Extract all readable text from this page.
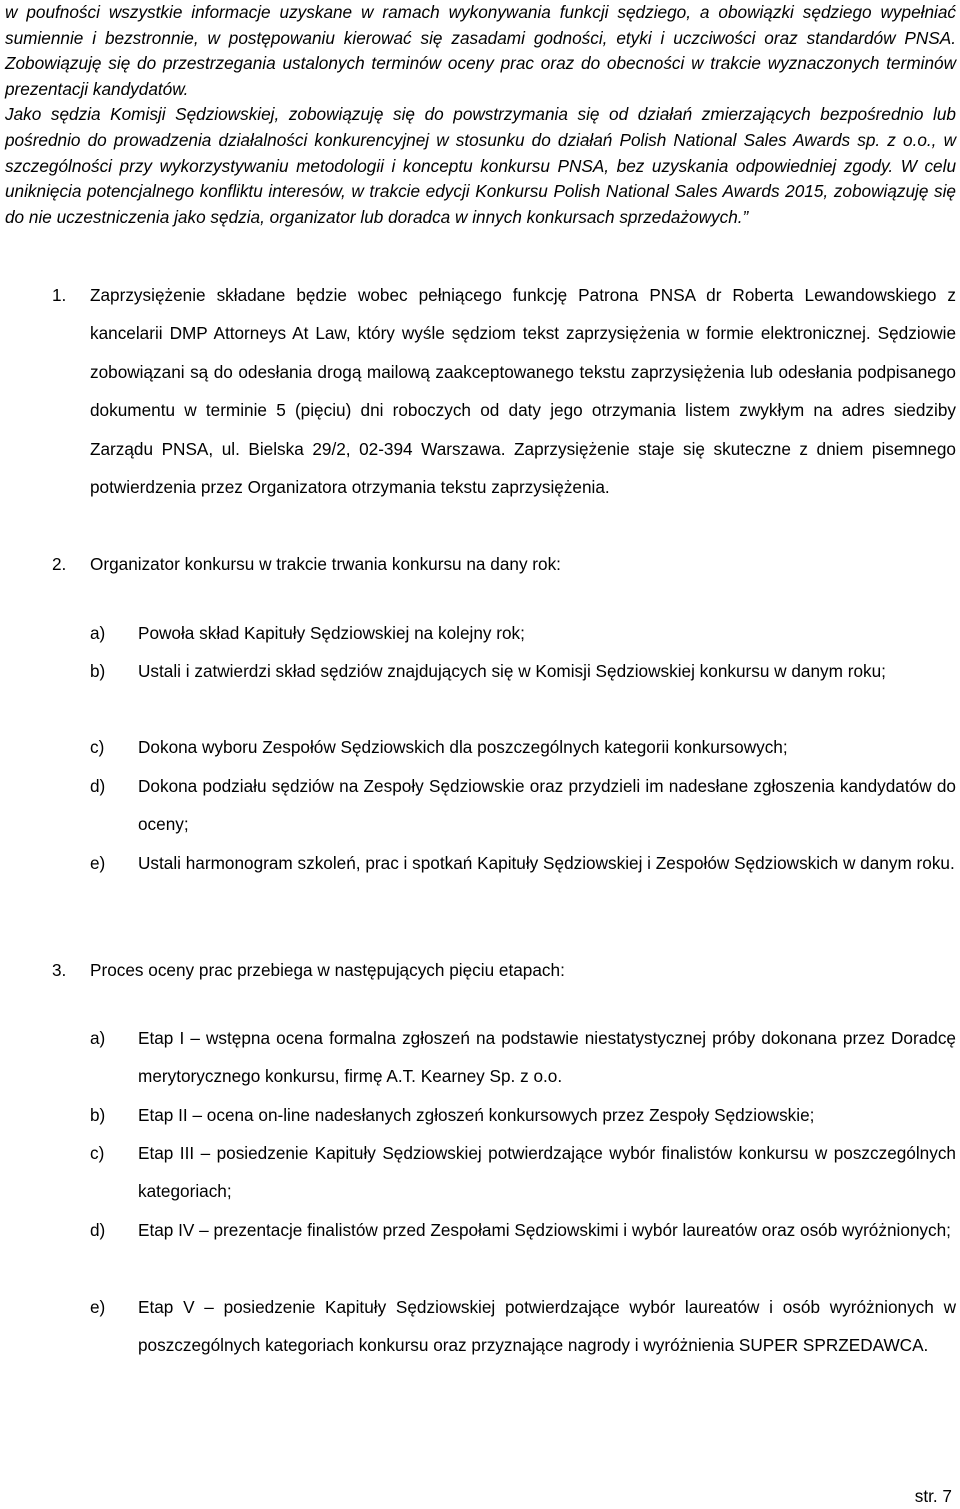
w poufności wszystkie informacje uzyskane w ramach wykonywania funkcji sędziego, a obowiązki sędziego wypełniać sumiennie i bezstronnie, w postępowaniu kierować się zasadami godności, etyki i uczciwości oraz standardów PNSA. Zobowiązuję się do przestrzegania ustalonych terminów oceny prac oraz do obecności w trakcie wyznaczonych terminów prezentacji kandydatów.

Jako sędzia Komisji Sędziowskiej, zobowiązuję się do powstrzymania się od działań zmierzających bezpośrednio lub pośrednio do prowadzenia działalności konkurencyjnej w stosunku do działań Polish National Sales Awards sp. z o.o., w szczególności przy wykorzystywaniu metodologii i konceptu konkursu PNSA, bez uzyskania odpowiedniej zgody. W celu uniknięcia potencjalnego konfliktu interesów, w trakcie edycji Konkursu Polish National Sales Awards 2015, zobowiązuję się do nie uczestniczenia jako sędzia, organizator lub doradca w innych konkursach sprzedażowych.”

1. Zaprzysiężenie składane będzie wobec pełniącego funkcję Patrona PNSA dr Roberta Lewandowskiego z kancelarii DMP Attorneys At Law, który wyśle sędziom tekst zaprzysiężenia w formie elektronicznej. Sędziowie zobowiązani są do odesłania drogą mailową zaakceptowanego tekstu zaprzysiężenia lub odesłania podpisanego dokumentu w terminie 5 (pięciu) dni roboczych od daty jego otrzymania listem zwykłym na adres siedziby Zarządu PNSA, ul. Bielska 29/2, 02-394 Warszawa. Zaprzysiężenie staje się skuteczne z dniem pisemnego potwierdzenia przez Organizatora otrzymania tekstu zaprzysiężenia.

2. Organizator konkursu w trakcie trwania konkursu na dany rok:

a) Powoła skład Kapituły Sędziowskiej na kolejny rok;

b) Ustali i zatwierdzi skład sędziów znajdujących się w Komisji Sędziowskiej konkursu w danym roku;

c) Dokona wyboru Zespołów Sędziowskich dla poszczególnych kategorii konkursowych;

d) Dokona podziału sędziów na Zespoły Sędziowskie oraz przydzieli im nadesłane zgłoszenia kandydatów do oceny;

e) Ustali harmonogram szkoleń, prac i spotkań Kapituły Sędziowskiej i Zespołów Sędziowskich w danym roku.

3. Proces oceny prac przebiega w następujących pięciu etapach:

a) Etap I – wstępna ocena formalna zgłoszeń na podstawie niestatystycznej próby dokonana przez Doradcę merytorycznego konkursu, firmę A.T. Kearney Sp. z o.o.

b) Etap II – ocena on-line nadesłanych zgłoszeń konkursowych przez Zespoły Sędziowskie;

c) Etap III – posiedzenie Kapituły Sędziowskiej potwierdzające wybór finalistów konkursu w poszczególnych kategoriach;

d) Etap IV – prezentacje finalistów przed Zespołami Sędziowskimi i wybór laureatów oraz osób wyróżnionych;

e) Etap V – posiedzenie Kapituły Sędziowskiej potwierdzające wybór laureatów i osób wyróżnionych w poszczególnych kategoriach konkursu oraz przyznające nagrody i wyróżnienia SUPER SPRZEDAWCA.

str. 7
